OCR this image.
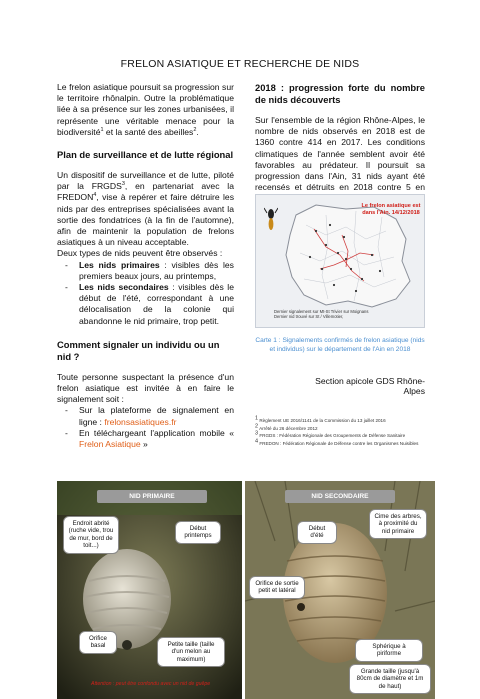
FRELON ASIATIQUE ET RECHERCHE DE NIDS

Le frelon asiatique poursuit sa progression sur le territoire rhônalpin. Outre la problématique liée à sa présence sur les zones urbanisées, il représente une véritable menace pour la biodiversité$^1$ et la santé des abeilles$^2$.

Plan de surveillance et de lutte régional

Un dispositif de surveillance et de lutte, piloté par la FRGDS$^3$, en partenariat avec la FREDON$^4$, vise à repérer et faire détruire les nids par des entreprises spécialisées avant la sortie des fondatrices (à la fin de l'automne), afin de maintenir la population de frelons asiatiques à un niveau acceptable.

Deux types de nids peuvent être observés :

- Les nids primaires : visibles dès les premiers beaux jours, au printemps,
- Les nids secondaires : visibles dès le début de l'été, correspondant à une délocalisation de la colonie qui abandonne le nid primaire, trop petit.

Comment signaler un individu ou un nid ?

Toute personne suspectant la présence d'un frelon asiatique est invitée à en faire le signalement soit :

- Sur la plateforme de signalement en ligne : frelonsasiatiques.fr
- En téléchargeant l'application mobile « Frelon Asiatique »

2018 : progression forte du nombre de nids découverts

Sur l'ensemble de la région Rhône-Alpes, le nombre de nids observés en 2018 est de 1360 contre 414 en 2017. Les conditions climatiques de l'année semblent avoir été favorables au prédateur. Il poursuit sa progression dans l'Ain, 31 nids ayant été recensés et détruits en 2018 contre 5 en

Le frelon asiatique est dans l'Ain. 14/12/2018
Dernier signalement sur Mt-St Trivier sur Moignans
Dernier nid trouvé sur St / Villemotier,
Carte 1 : Signalements confirmés de frelon asiatique (nids et individus) sur le département de l'Ain en 2018
Section apicole GDS Rhône-Alpes
$^1$ Règlement UE 2016/1141 de la Commission du 13 juillet 2016
$^2$ Arrêté du 26 décembre 2012
$^3$ FRGDS : Fédération Régionale des Groupements de Défense Sanitaire
$^4$ FREDON : Fédération Régionale de Défense contre les Organismes Nuisibles
NID PRIMAIRE	NID SECONDAIRE
Endroit abrité (ruche vide, trou de mur, bord de toit...)
Début printemps
Orifice basal	Petite taille (taille d'un melon au maximum)
Début d'été
Cime des arbres, à proximité du nid primaire
Orifice de sortie petit et latéral
Sphérique à piriforme
Grande taille (jusqu'à 80cm de diamètre et 1m de haut)
Attention : peut être confondu avec un nid de guêpe
